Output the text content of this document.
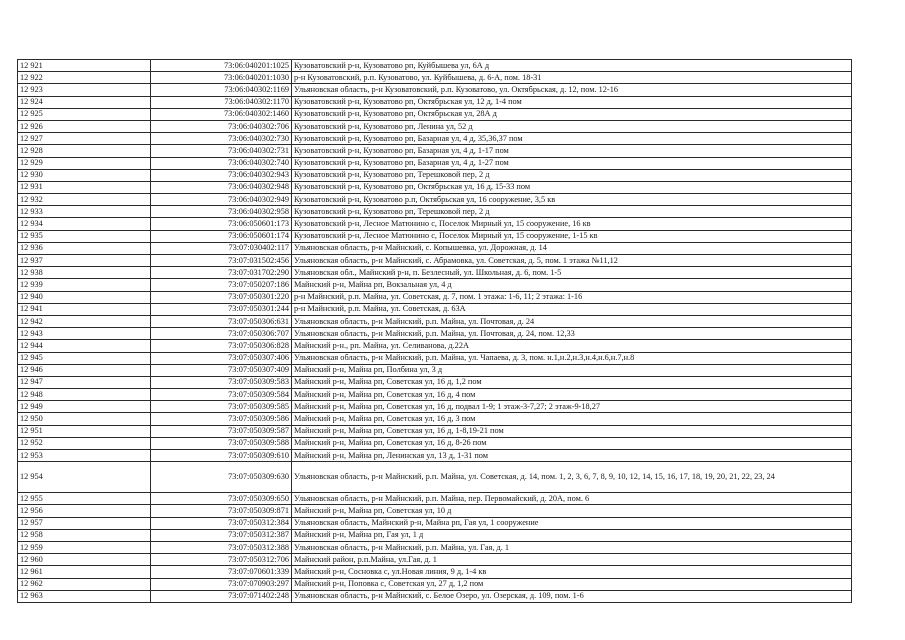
12 921	73:06:040201:1025	Кузоватовский р-н, Кузоватово рп, Куйбышева ул, 6А д
12 922	73:06:040201:1030	р-н Кузоватовский, р.п. Кузоватово, ул. Куйбышева, д. 6-А, пом. 18-31
12 923	73:06:040302:1169	Ульяновская область, р-н Кузоватовский, р.п. Кузоватово, ул. Октябрьская, д. 12, пом. 12-16
12 924	73:06:040302:1170	Кузоватовский р-н, Кузоватово рп, Октябрьская ул, 12 д, 1-4 пом
12 925	73:06:040302:1460	Кузоватовский р-н, Кузоватово рп, Октябрьская ул, 28А д
12 926	73:06:040302:706	Кузоватовский р-н, Кузоватово рп, Ленина ул, 52 д
12 927	73:06:040302:730	Кузоватовский р-н, Кузоватово рп, Базарная ул, 4 д, 35,36,37 пом
12 928	73:06:040302:731	Кузоватовский р-н, Кузоватово рп, Базарная ул, 4 д, 1-17 пом
12 929	73:06:040302:740	Кузоватовский р-н, Кузоватово рп, Базарная ул, 4 д, 1-27 пом
12 930	73:06:040302:943	Кузоватовский р-н, Кузоватово рп, Терешковой пер, 2 д
12 931	73:06:040302:948	Кузоватовский р-н, Кузоватово рп, Октябрьская ул, 16 д, 15-33 пом
12 932	73:06:040302:949	Кузоватовский р-н, Кузоватово р.п, Октябрьская ул, 16 сооружение, 3,5 кв
12 933	73:06:040302:958	Кузоватовский р-н, Кузоватово рп, Терешковой пер, 2 д
12 934	73:06:050601:173	Кузоватовский р-н, Лесное Матюнино с, Поселок Мирный ул, 15 сооружение, 16 кв
12 935	73:06:050601:174	Кузоватовский р-н, Лесное Матюнино с, Поселок Мирный ул, 15 сооружение, 1-15 кв
12 936	73:07:030402:117	Ульяновская область, р-н Майнский, с. Копышевка, ул. Дорожная, д. 14
12 937	73:07:031502:456	Ульяновская область, р-н Майнский, с. Абрамовка, ул. Советская, д. 5, пом. 1 этажа №11,12
12 938	73:07:031702:290	Ульяновская обл., Майнский р-н, п. Безлесный, ул. Школьная, д. 6, пом. 1-5
12 939	73:07:050207:186	Майнский р-н, Майна рп, Вокзальная ул, 4 д
12 940	73:07:050301:220	р-н Майнский, р.п. Майна, ул. Советская, д. 7, пом. 1 этажа: 1-6, 11; 2 этажа: 1-16
12 941	73:07:050301:244	р-н Майнский, р.п. Майна, ул. Советская, д. 63А
12 942	73:07:050306:631	Ульяновская область, р-н Майнский, р.п. Майна, ул. Почтовая, д. 24
12 943	73:07:050306:707	Ульяновская область, р-н Майнский, р.п. Майна, ул. Почтовая, д. 24, пом. 12,33
12 944	73:07:050306:828	Майнский р-н., рп. Майна, ул. Селиванова, д.22А
12 945	73:07:050307:406	Ульяновская область, р-н Майнский, р.п. Майна, ул. Чапаева, д. 3, пом. н.1,н.2,н.3,н.4,н.6,н.7,н.8
12 946	73:07:050307:409	Майнский р-н, Майна рп, Полбина ул, 3 д
12 947	73:07:050309:583	Майнский р-н, Майна рп, Советская ул, 16 д, 1,2 пом
12 948	73:07:050309:584	Майнский р-н, Майна рп, Советская ул, 16 д, 4 пом
12 949	73:07:050309:585	Майнский р-н, Майна рп, Советская ул, 16 д, подвал 1-9; 1 этаж-3-7,27; 2 этаж-9-18,27
12 950	73:07:050309:586	Майнский р-н, Майна рп, Советская ул, 16 д, 3 пом
12 951	73:07:050309:587	Майнский р-н, Майна рп, Советская ул, 16 д, 1-8,19-21 пом
12 952	73:07:050309:588	Майнский р-н, Майна рп, Советская ул, 16 д, 8-26 пом
12 953	73:07:050309:610	Майнский р-н, Майна рп, Ленинская ул, 13 д, 1-31 пом
12 954	73:07:050309:630	Ульяновская область, р-н Майнский, р.п. Майна, ул. Советская, д. 14, пом. 1, 2, 3, 6, 7, 8, 9, 10, 12, 14, 15, 16, 17, 18, 19, 20, 21, 22, 23, 24
12 955	73:07:050309:650	Ульяновская область, р-н Майнский, р.п. Майна, пер. Первомайский, д. 20А, пом. 6
12 956	73:07:050309:871	Майнский р-н, Майна рп, Советская ул, 10 д
12 957	73:07:050312:384	Ульяновская область, Майнский р-н, Майна рп, Гая ул, 1 сооружение
12 958	73:07:050312:387	Майнский р-н, Майна рп, Гая ул, 1 д
12 959	73:07:050312:388	Ульяновская область, р-н Майнский, р.п. Майна, ул. Гая, д. 1
12 960	73:07:050312:706	Майнский район, р.п.Майна, ул.Гая, д. 1
12 961	73:07:070601:339	Майнский р-н, Сосновка с, ул.Новая линия, 9 д, 1-4 кв
12 962	73:07:070903:297	Майнский р-н, Поповка с, Советская ул, 27 д, 1,2 пом
12 963	73:07:071402:248	Ульяновская область, р-н Майнский, с. Белое Озеро, ул. Озерская, д. 109, пом. 1-6
